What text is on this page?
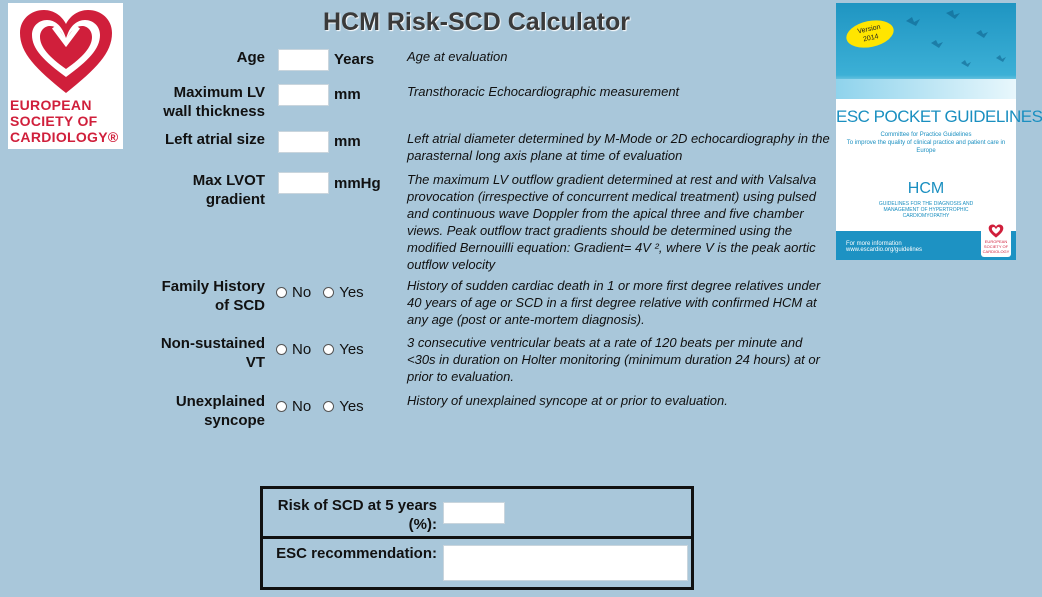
EUROPEAN
SOCIETY OF
CARDIOLOGY®
HCM Risk-SCD Calculator
Age	Years	Age at evaluation
Maximum LV
wall thickness
mm	Transthoracic Echocardiographic measurement
Left atrial size	mm	Left atrial diameter determined by M-Mode or 2D echocardiography in the parasternal long axis plane at time of evaluation
Max LVOT
gradient
mmHg The maximum LV outflow gradient determined at rest and with Valsalva provocation (irrespective of concurrent medical treatment) using pulsed and continuous wave Doppler from the apical three and five chamber views. Peak outflow tract gradients should be determined using the modified Bernouilli equation: Gradient= 4V ², where V is the peak aortic outflow velocity
Family History
of SCD
No Yes	History of sudden cardiac death in 1 or more first degree relatives under 40 years of age or SCD in a first degree relative with confirmed HCM at any age (post or ante-mortem diagnosis).
Non-sustained
VT
No Yes	3 consecutive ventricular beats at a rate of 120 beats per minute and <30s in duration on Holter monitoring (minimum duration 24 hours) at or prior to evaluation.
Unexplained
syncope
No Yes	History of unexplained syncope at or prior to evaluation.
Version
2014
ESC POCKET GUIDELINES
Committee for Practice Guidelines
To improve the quality of clinical practice and patient care in Europe
HCM
GUIDELINES FOR THE DIAGNOSIS AND MANAGEMENT OF HYPERTROPHIC CARDIOMYOPATHY
For more information
www.escardio.org/guidelines
EUROPEAN
SOCIETY OF
CARDIOLOGY
Risk of SCD at 5 years
(%):
ESC recommendation:
